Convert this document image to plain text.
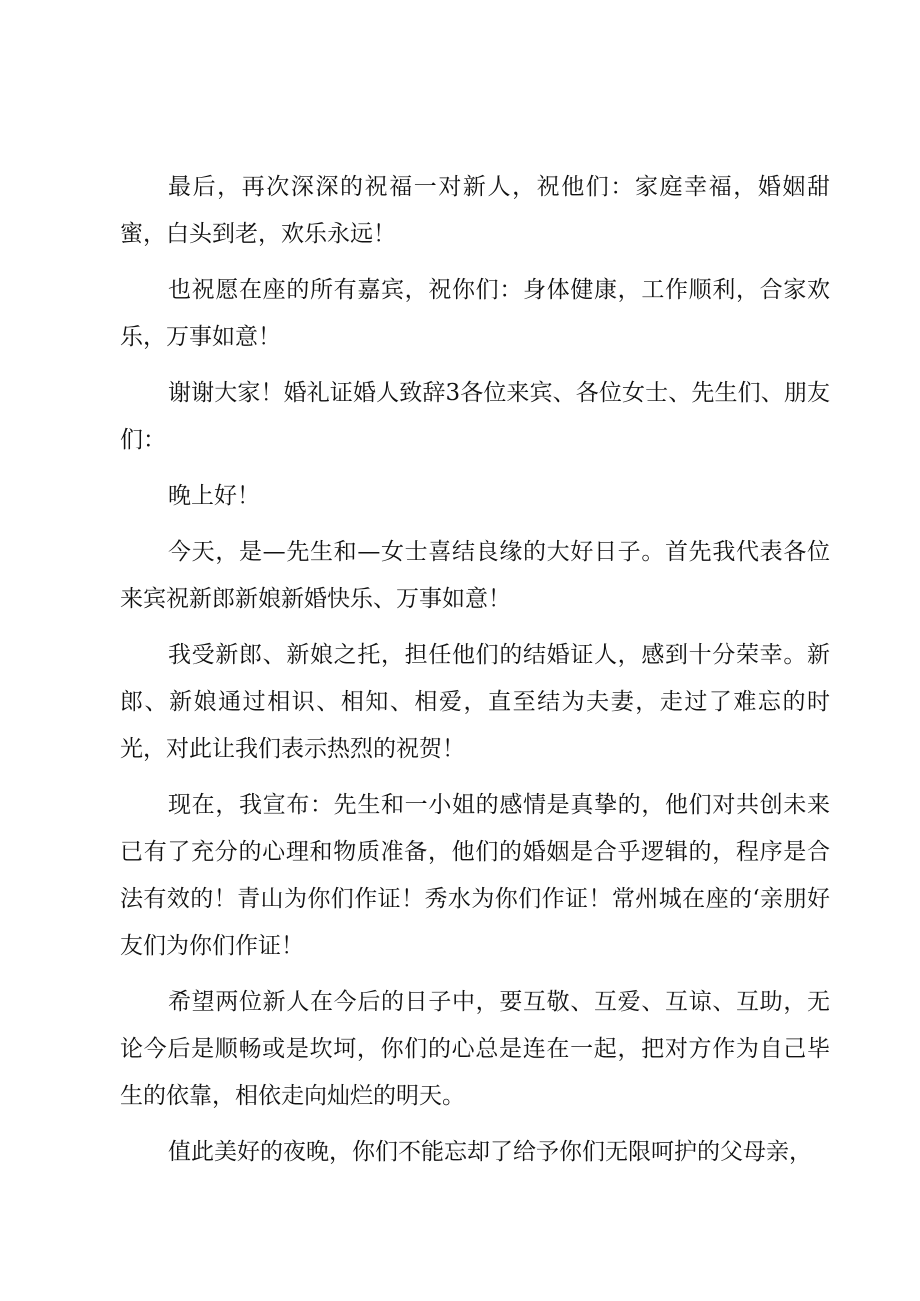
最后，再次深深的祝福一对新人，祝他们：家庭幸福，婚姻甜蜜，白头到老，欢乐永远！

也祝愿在座的所有嘉宾，祝你们：身体健康，工作顺利，合家欢乐，万事如意！

谢谢大家！婚礼证婚人致辞3各位来宾、各位女士、先生们、朋友们：

晚上好！

今天，是—先生和—女士喜结良缘的大好日子。首先我代表各位来宾祝新郎新娘新婚快乐、万事如意！

我受新郎、新娘之托，担任他们的结婚证人，感到十分荣幸。新郎、新娘通过相识、相知、相爱，直至结为夫妻，走过了难忘的时光，对此让我们表示热烈的祝贺！

现在，我宣布：先生和一小姐的感情是真挚的，他们对共创未来已有了充分的心理和物质准备，他们的婚姻是合乎逻辑的，程序是合法有效的！青山为你们作证！秀水为你们作证！常州城在座的‘亲朋好友们为你们作证！

希望两位新人在今后的日子中，要互敬、互爱、互谅、互助，无论今后是顺畅或是坎坷，你们的心总是连在一起，把对方作为自己毕生的依靠，相依走向灿烂的明天。

值此美好的夜晚，你们不能忘却了给予你们无限呵护的父母亲，
